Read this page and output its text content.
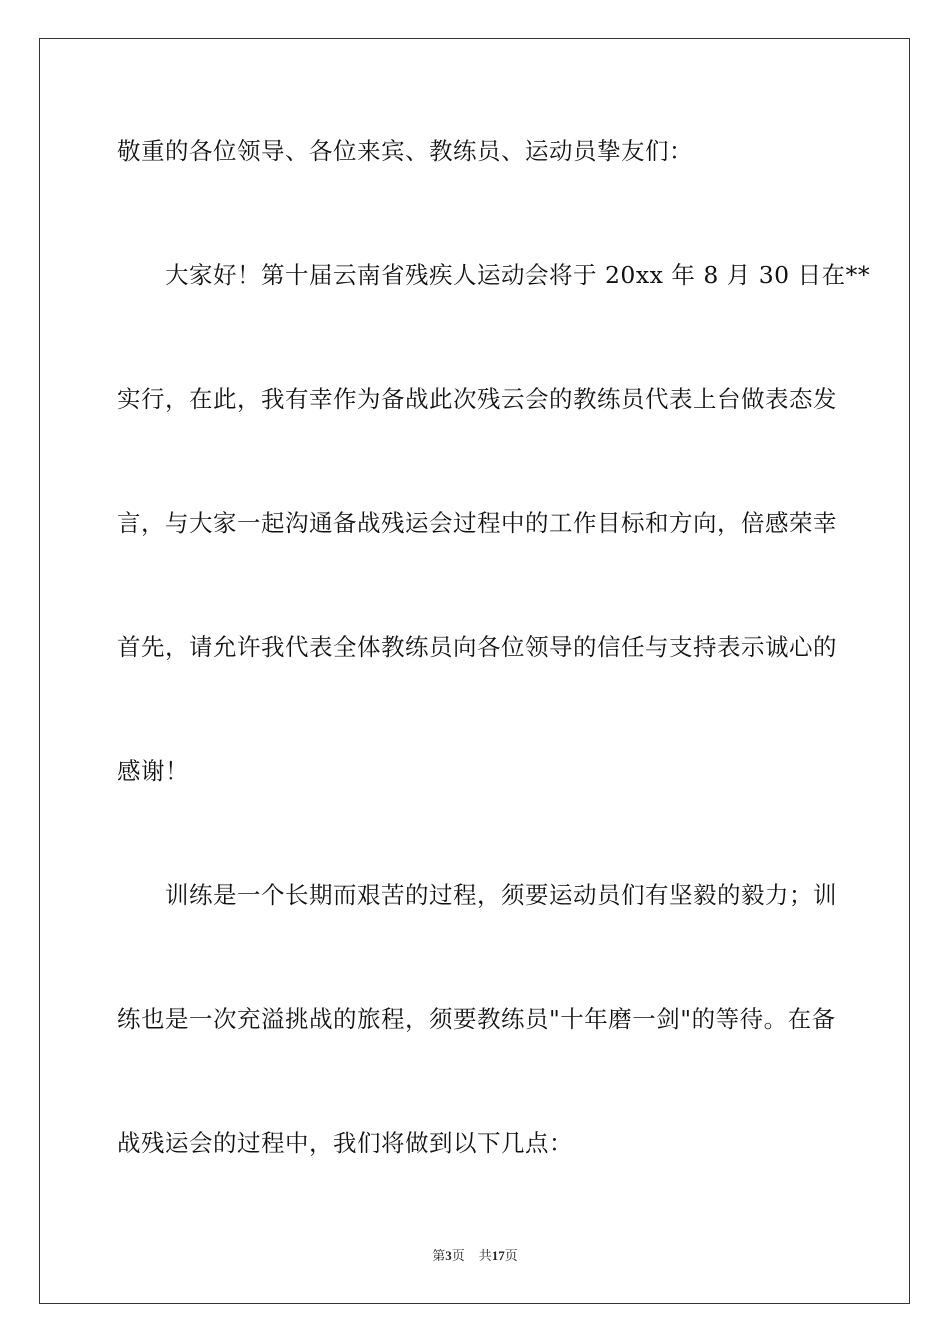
敬重的各位领导、各位来宾、教练员、运动员挚友们：
大家好！第十届云南省残疾人运动会将于 20xx 年 8 月 30 日在**
实行，在此，我有幸作为备战此次残云会的教练员代表上台做表态发
言，与大家一起沟通备战残运会过程中的工作目标和方向，倍感荣幸
首先，请允许我代表全体教练员向各位领导的信任与支持表示诚心的
感谢！
训练是一个长期而艰苦的过程，须要运动员们有坚毅的毅力；训
练也是一次充溢挑战的旅程，须要教练员"十年磨一剑"的等待。在备
战残运会的过程中，我们将做到以下几点：
第3页 共17页
